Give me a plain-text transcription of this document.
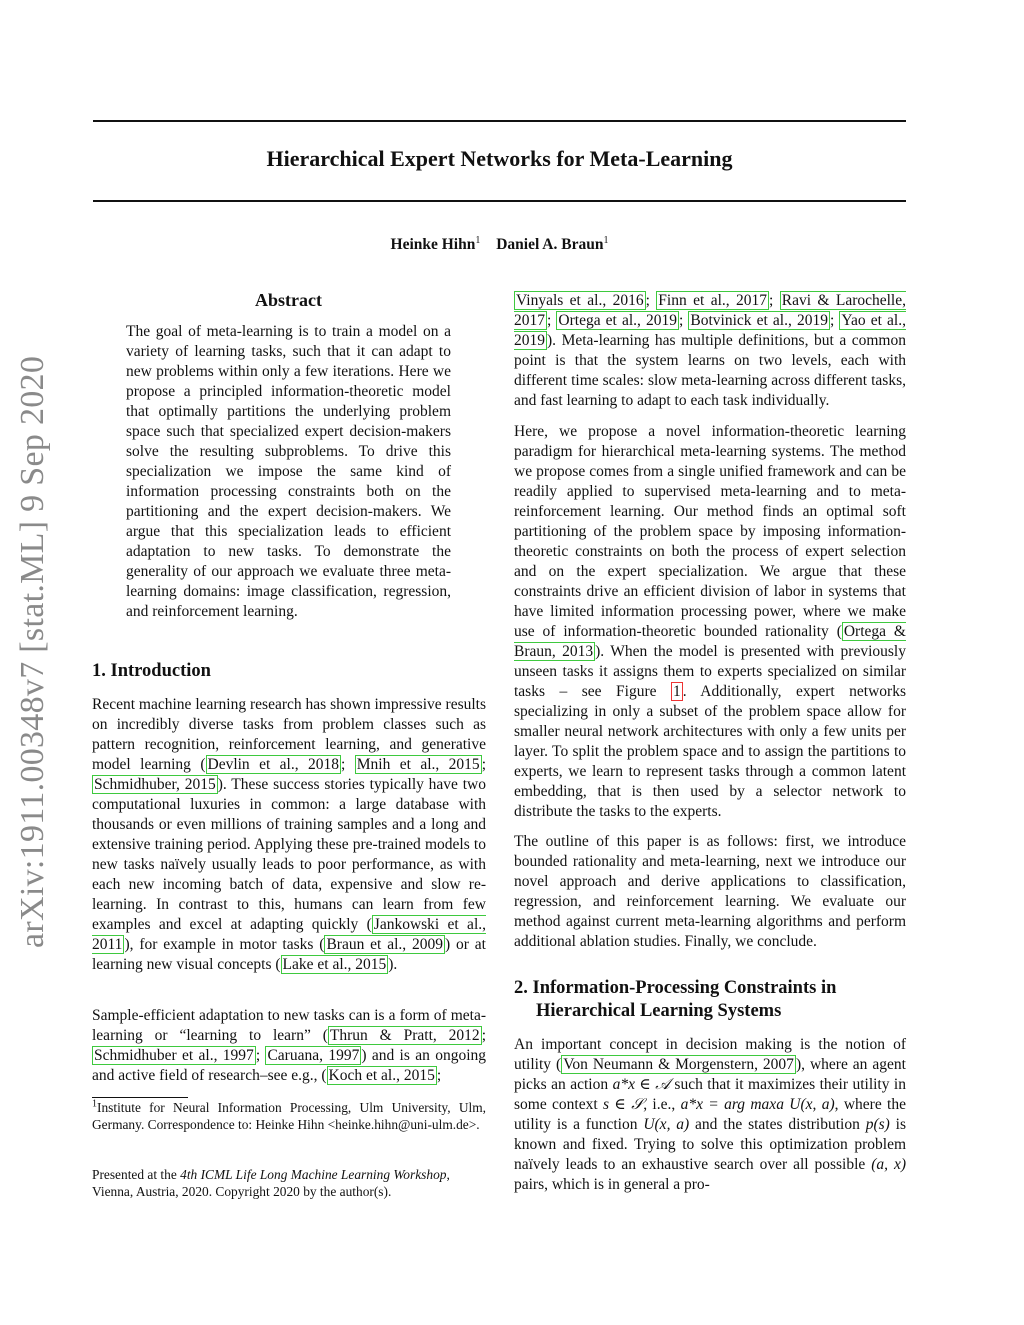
Hierarchical Expert Networks for Meta-Learning
Heinke Hihn$^1$ Daniel A. Braun$^1$
arXiv:1911.00348v7 [stat.ML] 9 Sep 2020
Abstract
The goal of meta-learning is to train a model on a variety of learning tasks, such that it can adapt to new problems within only a few iterations. Here we propose a principled information-theoretic model that optimally partitions the underlying problem space such that specialized expert decision-makers solve the resulting subproblems. To drive this specialization we impose the same kind of information processing constraints both on the partitioning and the expert decision-makers. We argue that this specialization leads to efficient adaptation to new tasks. To demonstrate the generality of our approach we evaluate three meta-learning domains: image classification, regression, and reinforcement learning.
1. Introduction

Recent machine learning research has shown impressive results on incredibly diverse tasks from problem classes such as pattern recognition, reinforcement learning, and generative model learning ( Devlin et al., 2018 ; Mnih et al., 2015 ; Schmidhuber, 2015 ). These success stories typically have two computational luxuries in common: a large database with thousands or even millions of training samples and a long and extensive training period. Applying these pre-trained models to new tasks naïvely usually leads to poor performance, as with each new incoming batch of data, expensive and slow re-learning. In contrast to this, humans can learn from few examples and excel at adapting quickly ( Jankowski et al., 2011 ), for example in motor tasks ( Braun et al., 2009 ) or at learning new visual concepts ( Lake et al., 2015 ).

Sample-efficient adaptation to new tasks can is a form of meta-learning or “learning to learn” ( Thrun & Pratt, 2012 ; Schmidhuber et al., 1997 ; Caruana, 1997 ) and is an ongoing and active field of research–see e.g., ( Koch et al., 2015 ;

$^1$Institute for Neural Information Processing, Ulm University, Ulm, Germany. Correspondence to: Heinke Hihn <heinke.hihn@uni-ulm.de>.
Presented at the 4th ICML Life Long Machine Learning Workshop, Vienna, Austria, 2020. Copyright 2020 by the author(s).

Vinyals et al., 2016 ; Finn et al., 2017 ; Ravi & Larochelle, 2017 ; Ortega et al., 2019 ; Botvinick et al., 2019 ; Yao et al., 2019 ). Meta-learning has multiple definitions, but a common point is that the system learns on two levels, each with different time scales: slow meta-learning across different tasks, and fast learning to adapt to each task individually.

Here, we propose a novel information-theoretic learning paradigm for hierarchical meta-learning systems. The method we propose comes from a single unified framework and can be readily applied to supervised meta-learning and to meta-reinforcement learning. Our method finds an optimal soft partitioning of the problem space by imposing information-theoretic constraints on both the process of expert selection and on the expert specialization. We argue that these constraints drive an efficient division of labor in systems that have limited information processing power, where we make use of information-theoretic bounded rationality ( Ortega & Braun, 2013 ). When the model is presented with previously unseen tasks it assigns them to experts specialized on similar tasks – see Figure 1 . Additionally, expert networks specializing in only a subset of the problem space allow for smaller neural network architectures with only a few units per layer. To split the problem space and to assign the partitions to experts, we learn to represent tasks through a common latent embedding, that is then used by a selector network to distribute the tasks to the experts.

The outline of this paper is as follows: first, we introduce bounded rationality and meta-learning, next we introduce our novel approach and derive applications to classification, regression, and reinforcement learning. We evaluate our method against current meta-learning algorithms and perform additional ablation studies. Finally, we conclude.

2. Information-Processing Constraints in
Hierarchical Learning Systems

An important concept in decision making is the notion of utility ( Von Neumann & Morgenstern, 2007 ), where an agent picks an action a*x ∈ 𝒜 such that it maximizes their utility in some context s ∈ 𝒮, i.e., a*x = arg maxa U(x, a), where the utility is a function U(x, a) and the states distribution p(s) is known and fixed. Trying to solve this optimization problem naïvely leads to an exhaustive search over all possible (a, x) pairs, which is in general a pro-
